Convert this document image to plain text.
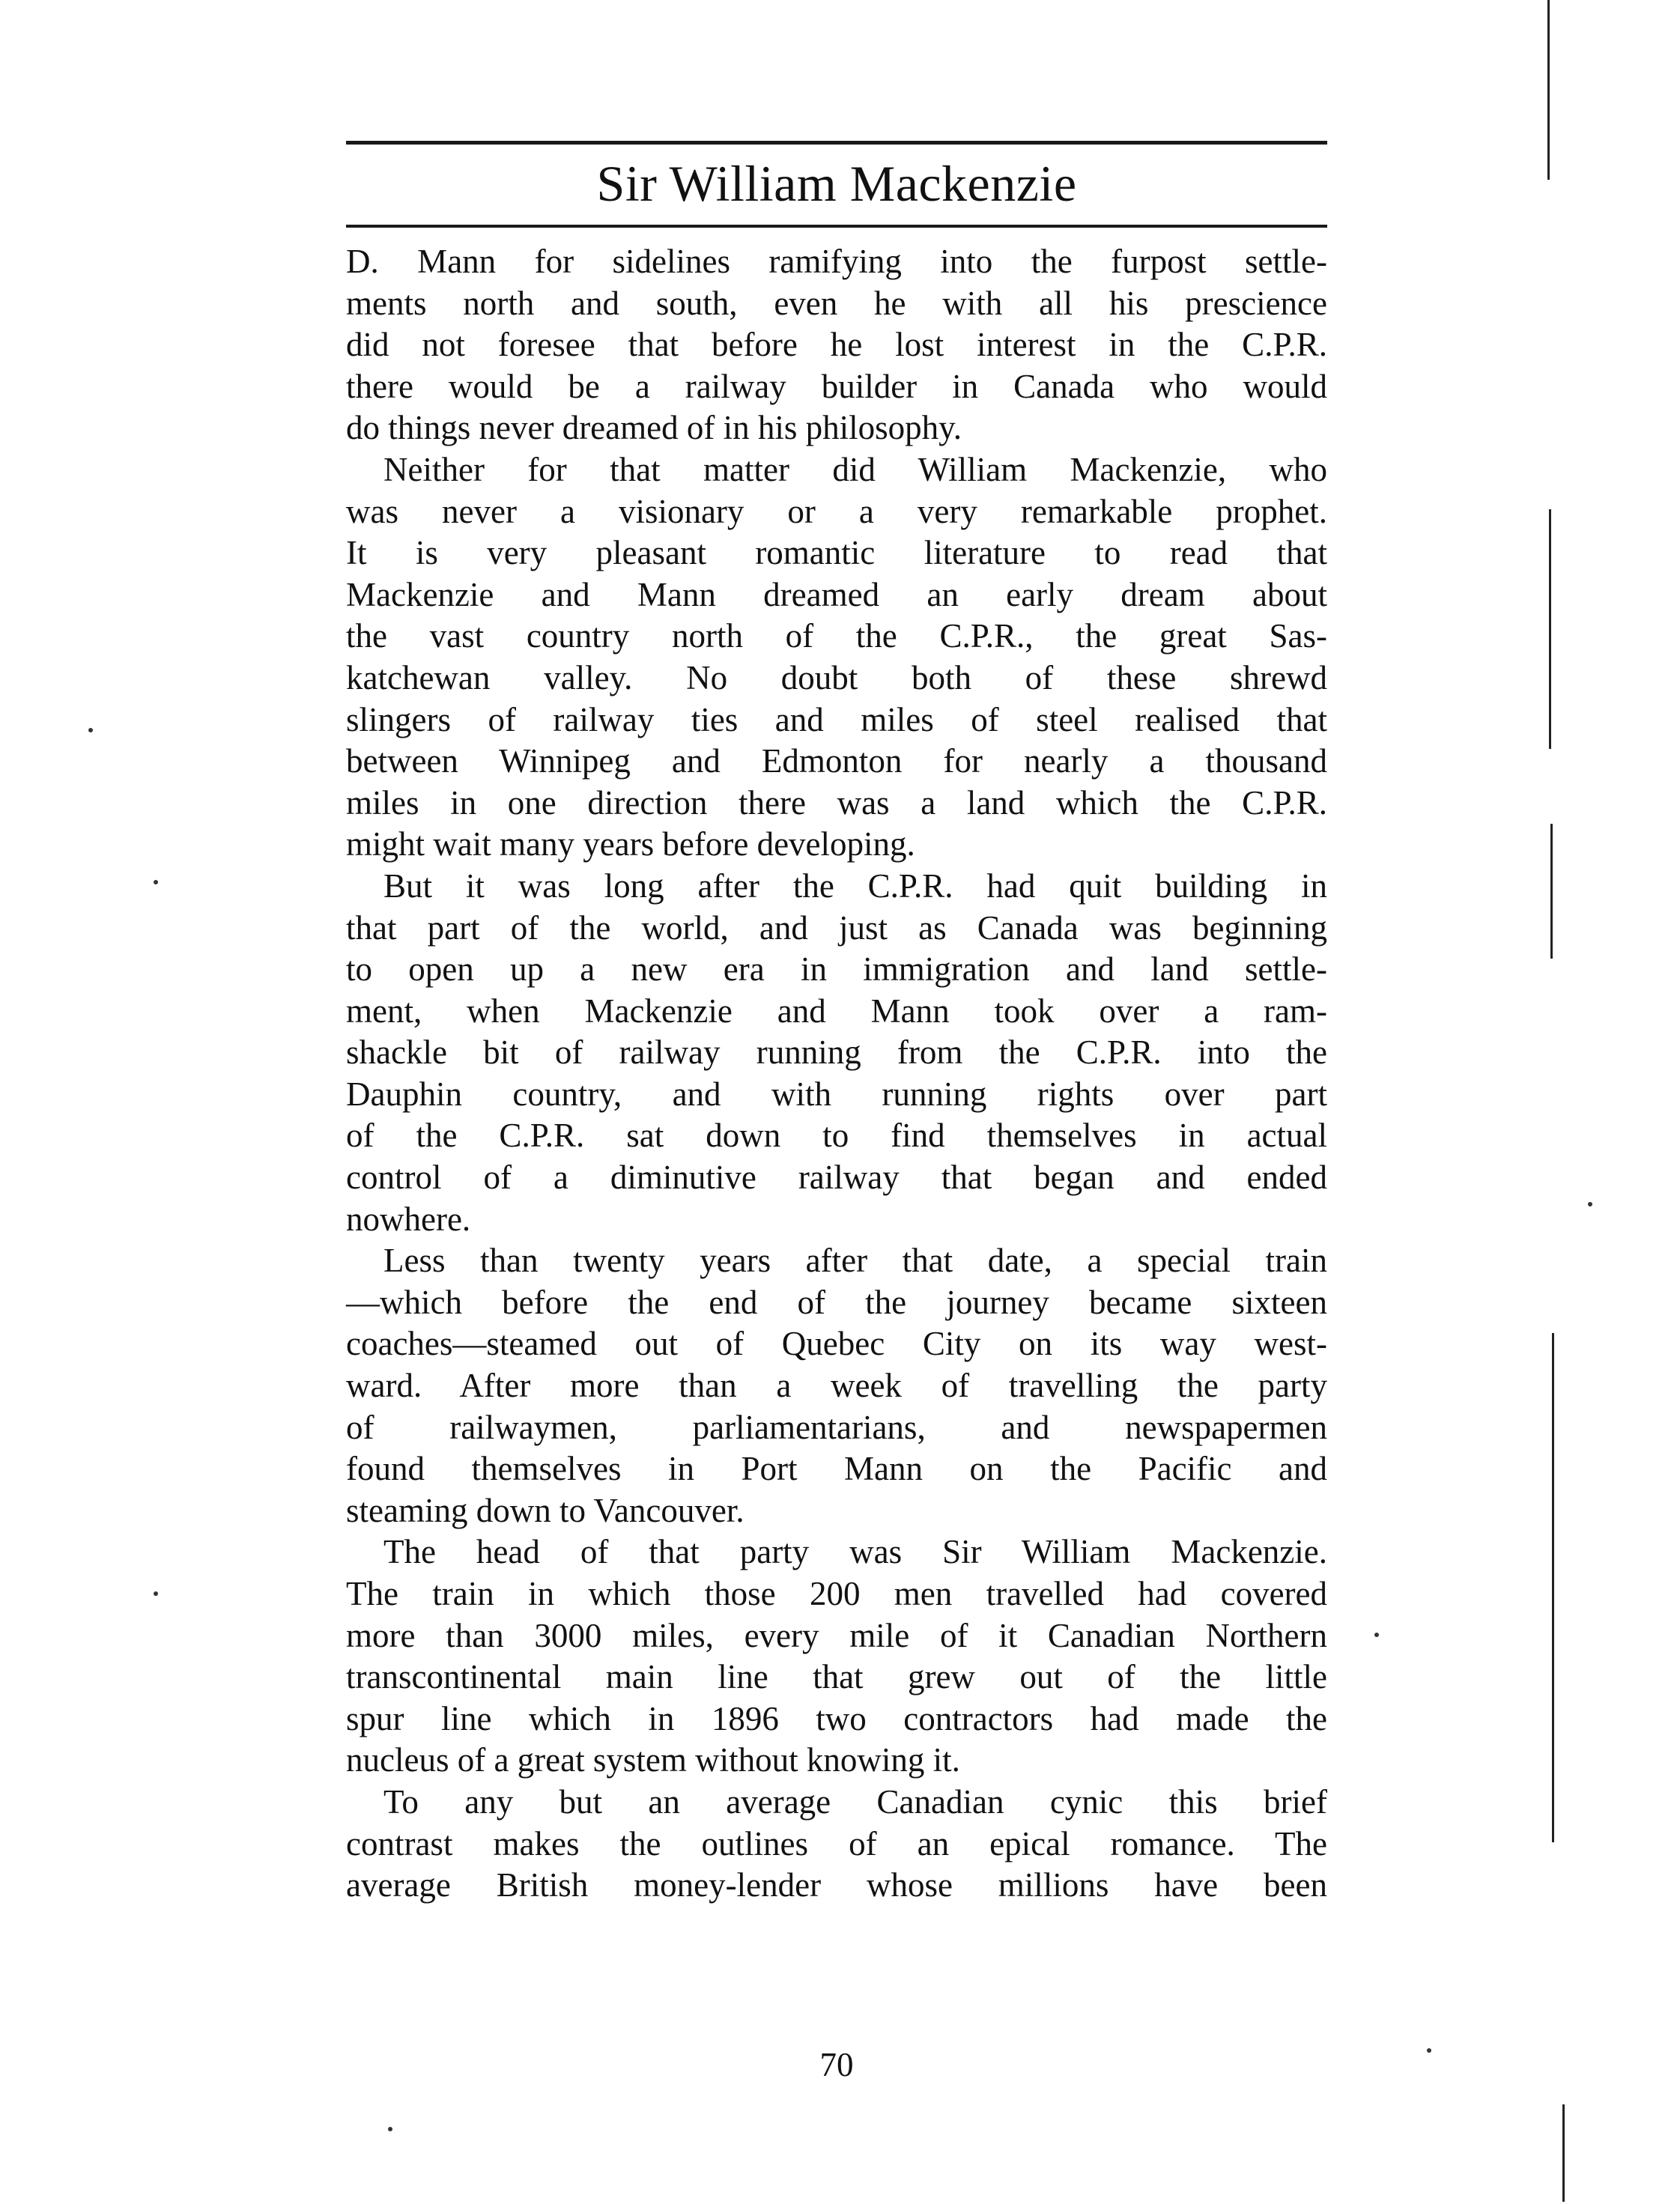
Sir William Mackenzie
D. Mann for sidelines ramifying into the furpost settle-
ments north and south, even he with all his prescience
did not foresee that before he lost interest in the C.P.R.
there would be a railway builder in Canada who would
do things never dreamed of in his philosophy.
Neither for that matter did William Mackenzie, who
was never a visionary or a very remarkable prophet.
It is very pleasant romantic literature to read that
Mackenzie and Mann dreamed an early dream about
the vast country north of the C.P.R., the great Sas-
katchewan valley. No doubt both of these shrewd
slingers of railway ties and miles of steel realised that
between Winnipeg and Edmonton for nearly a thousand
miles in one direction there was a land which the C.P.R.
might wait many years before developing.
But it was long after the C.P.R. had quit building in
that part of the world, and just as Canada was beginning
to open up a new era in immigration and land settle-
ment, when Mackenzie and Mann took over a ram-
shackle bit of railway running from the C.P.R. into the
Dauphin country, and with running rights over part
of the C.P.R. sat down to find themselves in actual
control of a diminutive railway that began and ended
nowhere.
Less than twenty years after that date, a special train
—which before the end of the journey became sixteen
coaches—steamed out of Quebec City on its way west-
ward. After more than a week of travelling the party
of railwaymen, parliamentarians, and newspapermen
found themselves in Port Mann on the Pacific and
steaming down to Vancouver.
The head of that party was Sir William Mackenzie.
The train in which those 200 men travelled had covered
more than 3000 miles, every mile of it Canadian Northern
transcontinental main line that grew out of the little
spur line which in 1896 two contractors had made the
nucleus of a great system without knowing it.
To any but an average Canadian cynic this brief
contrast makes the outlines of an epical romance. The
average British money-lender whose millions have been
70
